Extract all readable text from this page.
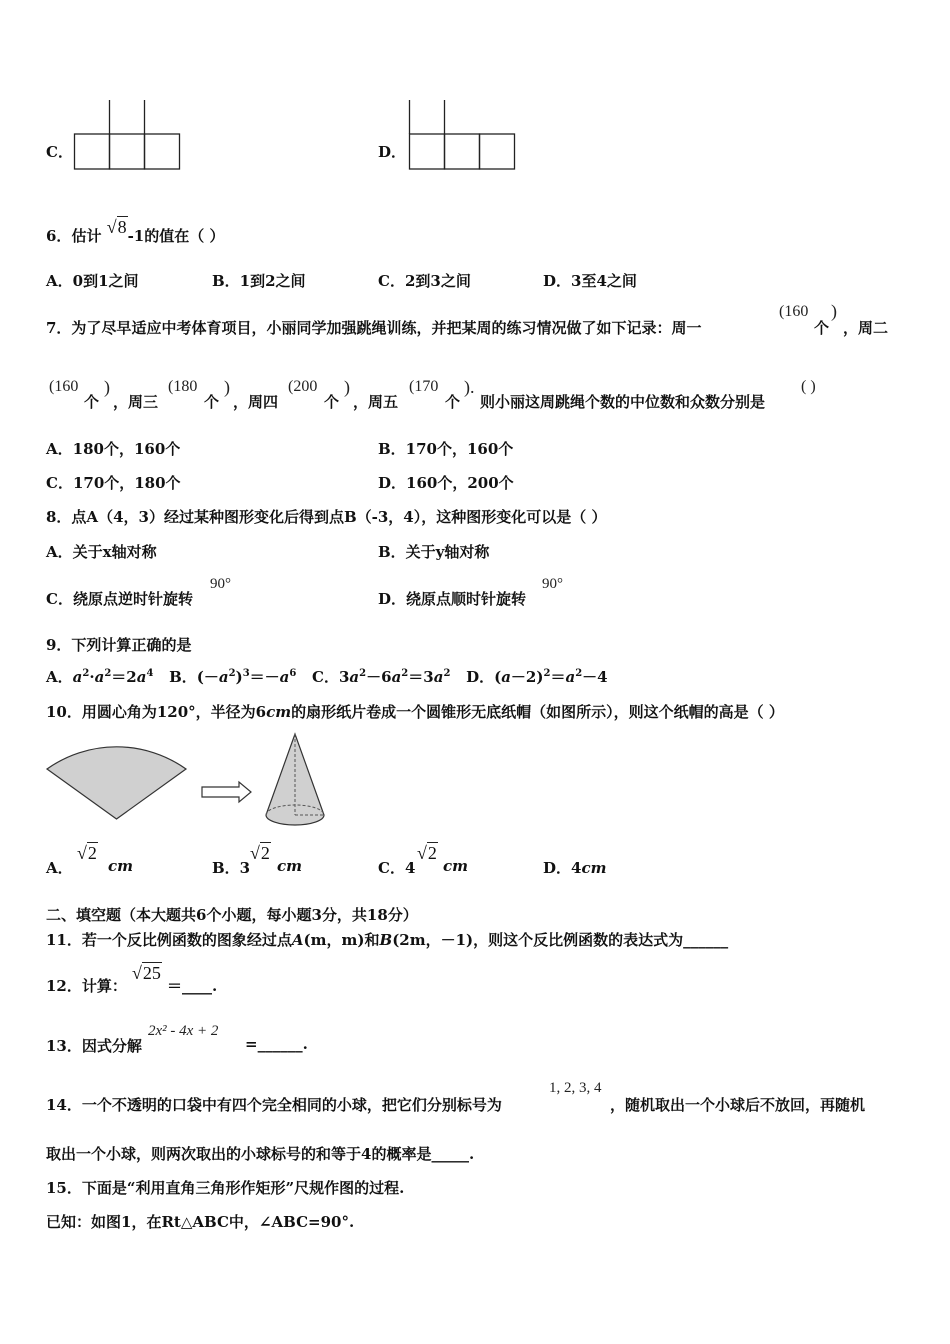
C．	D．
6．估计 √8-1的值在（ ）
A．0到1之间	B．1到2之间	C．2到3之间	D．3至4之间
7．为了尽早适应中考体育项目，小丽同学加强跳绳训练，并把某周的练习情况做了如下记录：周一
(160 )
个 ，周二
(160
个
)
，周三
(180
个
)
，周四
(200
个
)
，周五
(170
个
).
则小丽这周跳绳个数的中位数和众数分别是
( )
A．180个，160个	B．170个，160个
C．170个，180个	D．160个，200个
8．点A（4，3）经过某种图形变化后得到点B（-3，4），这种图形变化可以是（ ）
A．关于x轴对称	B．关于y轴对称
C．绕原点逆时针旋转
90°
D．绕原点顺时针旋转
90°
9．下列计算正确的是
A．$a^2\cdot a^2=2a^4$   B．$(-a^2)^3=-a^6$   C．$3a^2-6a^2=3a^2$   D．$(a-2)^2=a^2-4$
10．用圆心角为120°，半径为6cm的扇形纸片卷成一个圆锥形无底纸帽（如图所示），则这个纸帽的高是（ ）
A．
√2
cm	B．3
√2
cm	C．4
√2
cm	D．4cm
二、填空题（本大题共6个小题，每小题3分，共18分）
11．若一个反比例函数的图象经过点A(m，m)和B(2m，－1)，则这个反比例函数的表达式为______
12．计算：
√25
＝____.
13．因式分解
2x² - 4x + 2
=______.
14．一个不透明的口袋中有四个完全相同的小球，把它们分别标号为
1, 2, 3, 4
，随机取出一个小球后不放回，再随机
取出一个小球，则两次取出的小球标号的和等于4的概率是_____.
15．下面是“利用直角三角形作矩形”尺规作图的过程.
已知：如图1，在Rt△ABC中，∠ABC=90°.
